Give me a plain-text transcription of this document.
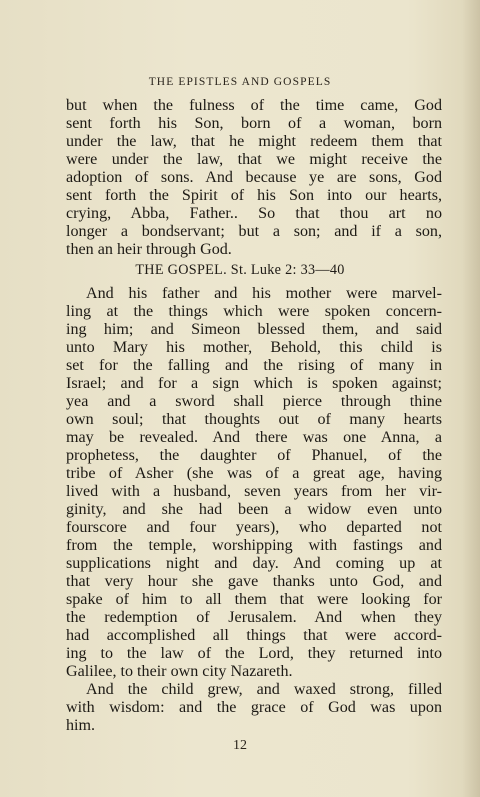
THE EPISTLES AND GOSPELS
but when the fulness of the time came, God
sent forth his Son, born of a woman, born
under the law, that he might redeem them that
were under the law, that we might receive the
adoption of sons. And because ye are sons, God
sent forth the Spirit of his Son into our hearts,
crying, Abba, Father.. So that thou art no
longer a bondservant; but a son; and if a son,
then an heir through God.
THE GOSPEL. St. Luke 2: 33—40
And his father and his mother were marvel-
ling at the things which were spoken concern-
ing him; and Simeon blessed them, and said
unto Mary his mother, Behold, this child is
set for the falling and the rising of many in
Israel; and for a sign which is spoken against;
yea and a sword shall pierce through thine
own soul; that thoughts out of many hearts
may be revealed. And there was one Anna, a
prophetess, the daughter of Phanuel, of the
tribe of Asher (she was of a great age, having
lived with a husband, seven years from her vir-
ginity, and she had been a widow even unto
fourscore and four years), who departed not
from the temple, worshipping with fastings and
supplications night and day. And coming up at
that very hour she gave thanks unto God, and
spake of him to all them that were looking for
the redemption of Jerusalem. And when they
had accomplished all things that were accord-
ing to the law of the Lord, they returned into
Galilee, to their own city Nazareth.
And the child grew, and waxed strong, filled
with wisdom: and the grace of God was upon
him.
12
